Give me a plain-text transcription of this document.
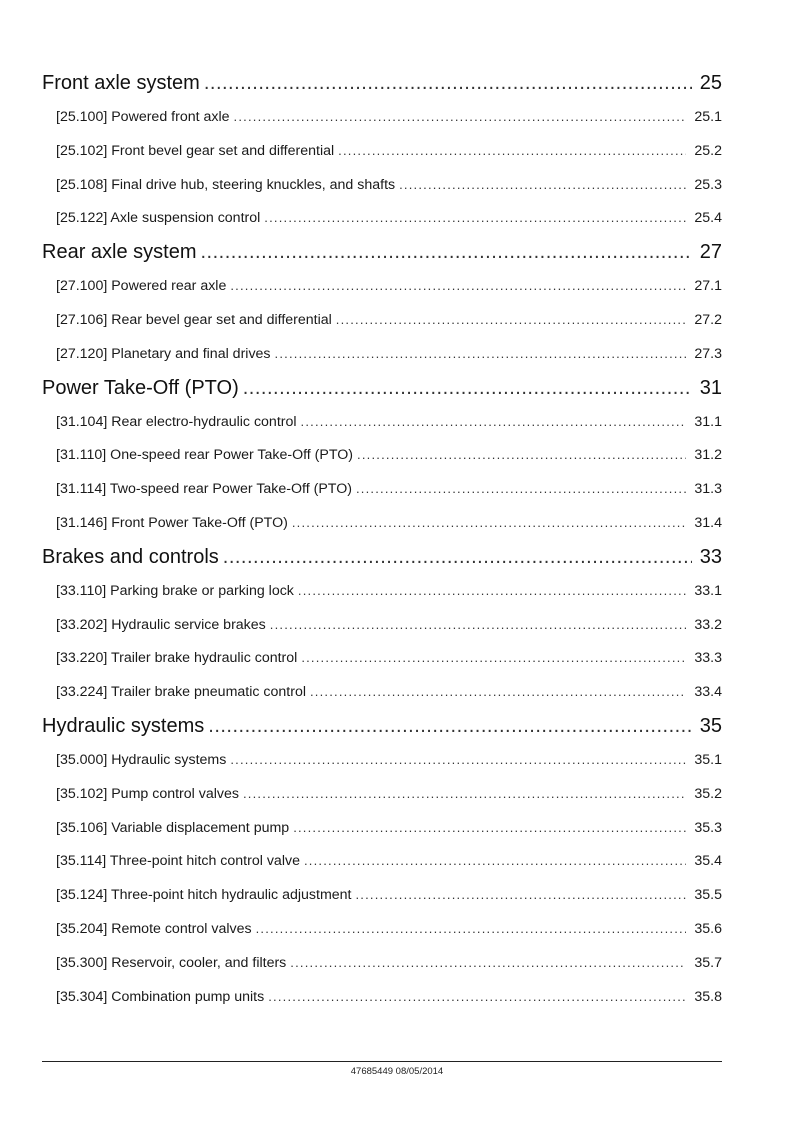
Front axle system .....	25
[25.100] Powered front axle .....	25.1
[25.102] Front bevel gear set and differential .....	25.2
[25.108] Final drive hub, steering knuckles, and shafts .....	25.3
[25.122] Axle suspension control .....	25.4
Rear axle system .....	27
[27.100] Powered rear axle .....	27.1
[27.106] Rear bevel gear set and differential .....	27.2
[27.120] Planetary and final drives .....	27.3
Power Take-Off (PTO) .....	31
[31.104] Rear electro-hydraulic control .....	31.1
[31.110] One-speed rear Power Take-Off (PTO) .....	31.2
[31.114] Two-speed rear Power Take-Off (PTO) .....	31.3
[31.146] Front Power Take-Off (PTO) .....	31.4
Brakes and controls .....	33
[33.110] Parking brake or parking lock .....	33.1
[33.202] Hydraulic service brakes .....	33.2
[33.220] Trailer brake hydraulic control .....	33.3
[33.224] Trailer brake pneumatic control .....	33.4
Hydraulic systems .....	35
[35.000] Hydraulic systems .....	35.1
[35.102] Pump control valves .....	35.2
[35.106] Variable displacement pump .....	35.3
[35.114] Three-point hitch control valve .....	35.4
[35.124] Three-point hitch hydraulic adjustment .....	35.5
[35.204] Remote control valves .....	35.6
[35.300] Reservoir, cooler, and filters .....	35.7
[35.304] Combination pump units .....	35.8
47685449 08/05/2014
